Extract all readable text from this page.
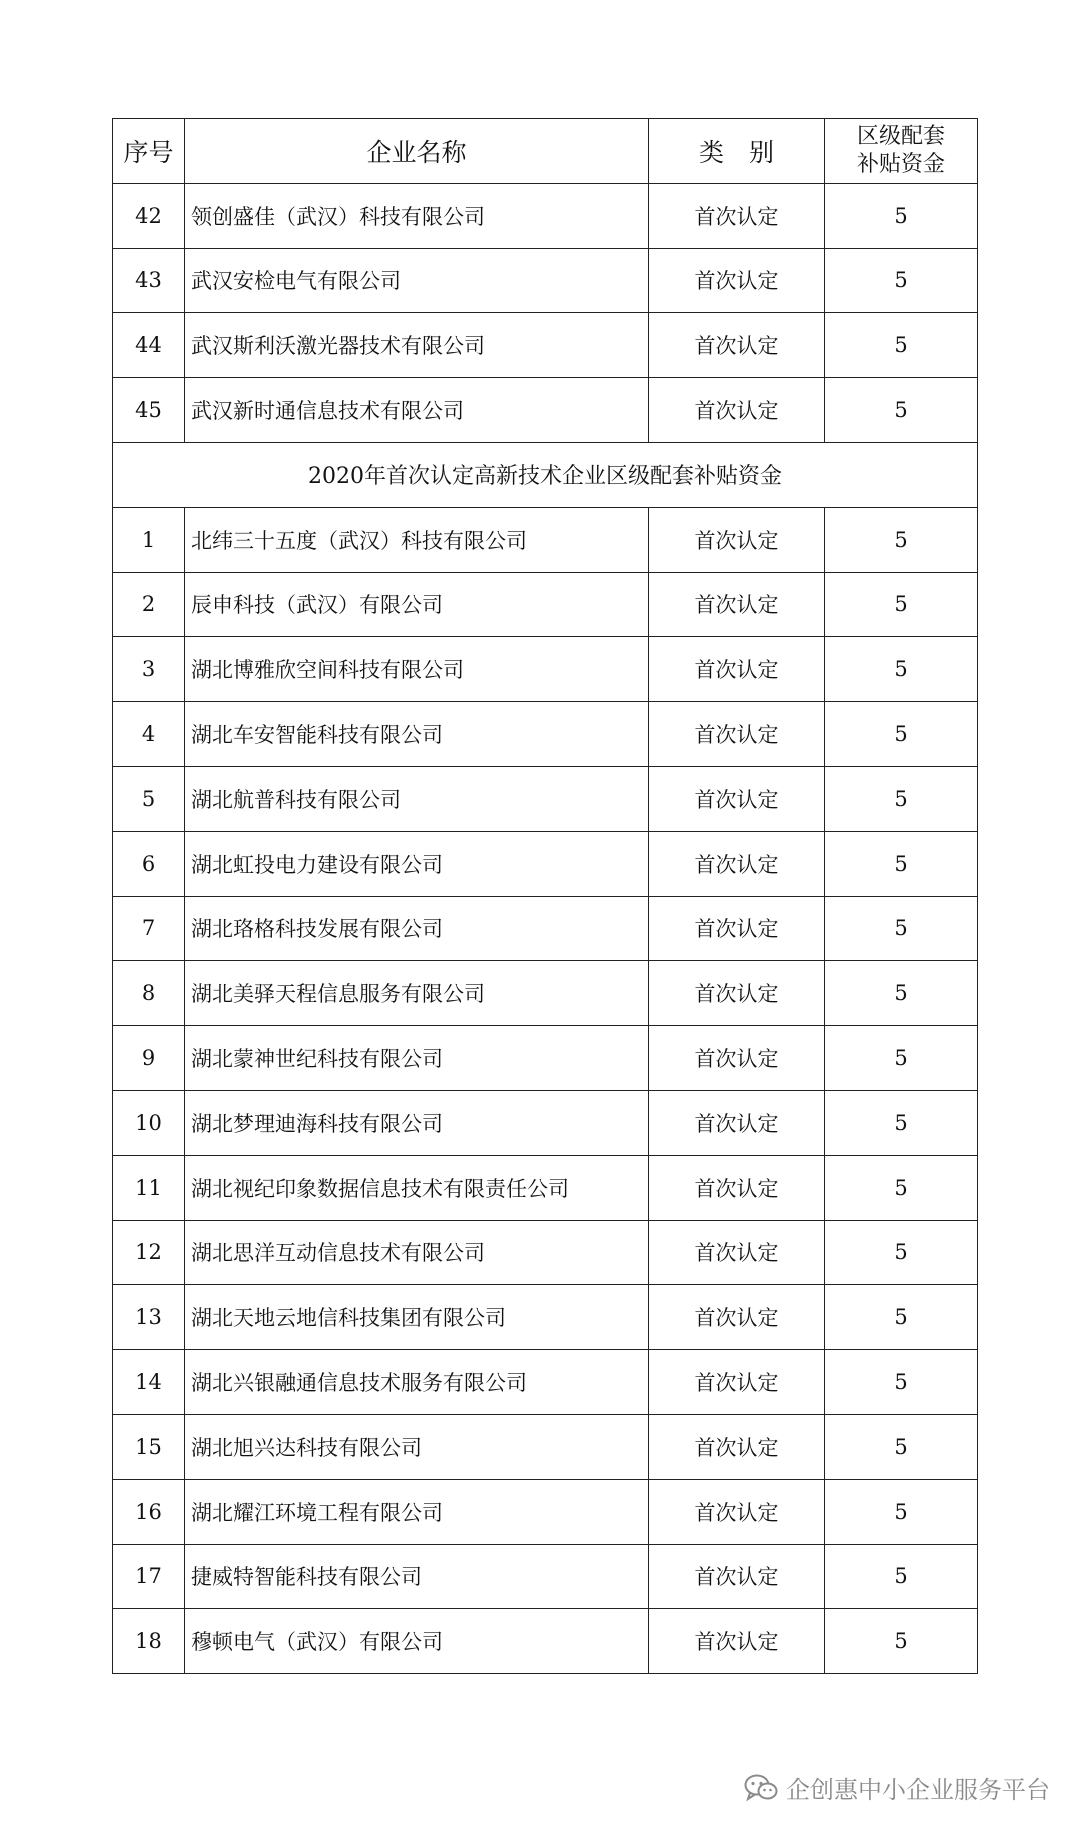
序号	企业名称	类　别	区级配套
补贴资金

42	领创盛佳（武汉）科技有限公司	首次认定	5
43	武汉安检电气有限公司	首次认定	5
44	武汉斯利沃激光器技术有限公司	首次认定	5
45	武汉新时通信息技术有限公司	首次认定	5
2020年首次认定高新技术企业区级配套补贴资金			
1	北纬三十五度（武汉）科技有限公司	首次认定	5
2	辰申科技（武汉）有限公司	首次认定	5
3	湖北博雅欣空间科技有限公司	首次认定	5
4	湖北车安智能科技有限公司	首次认定	5
5	湖北航普科技有限公司	首次认定	5
6	湖北虹投电力建设有限公司	首次认定	5
7	湖北珞格科技发展有限公司	首次认定	5
8	湖北美驿天程信息服务有限公司	首次认定	5
9	湖北蒙神世纪科技有限公司	首次认定	5
10	湖北梦理迪海科技有限公司	首次认定	5
11	湖北视纪印象数据信息技术有限责任公司	首次认定	5
12	湖北思洋互动信息技术有限公司	首次认定	5
13	湖北天地云地信科技集团有限公司	首次认定	5
14	湖北兴银融通信息技术服务有限公司	首次认定	5
15	湖北旭兴达科技有限公司	首次认定	5
16	湖北耀江环境工程有限公司	首次认定	5
17	捷威特智能科技有限公司	首次认定	5
18	穆顿电气（武汉）有限公司	首次认定	5
企创惠中小企业服务平台
